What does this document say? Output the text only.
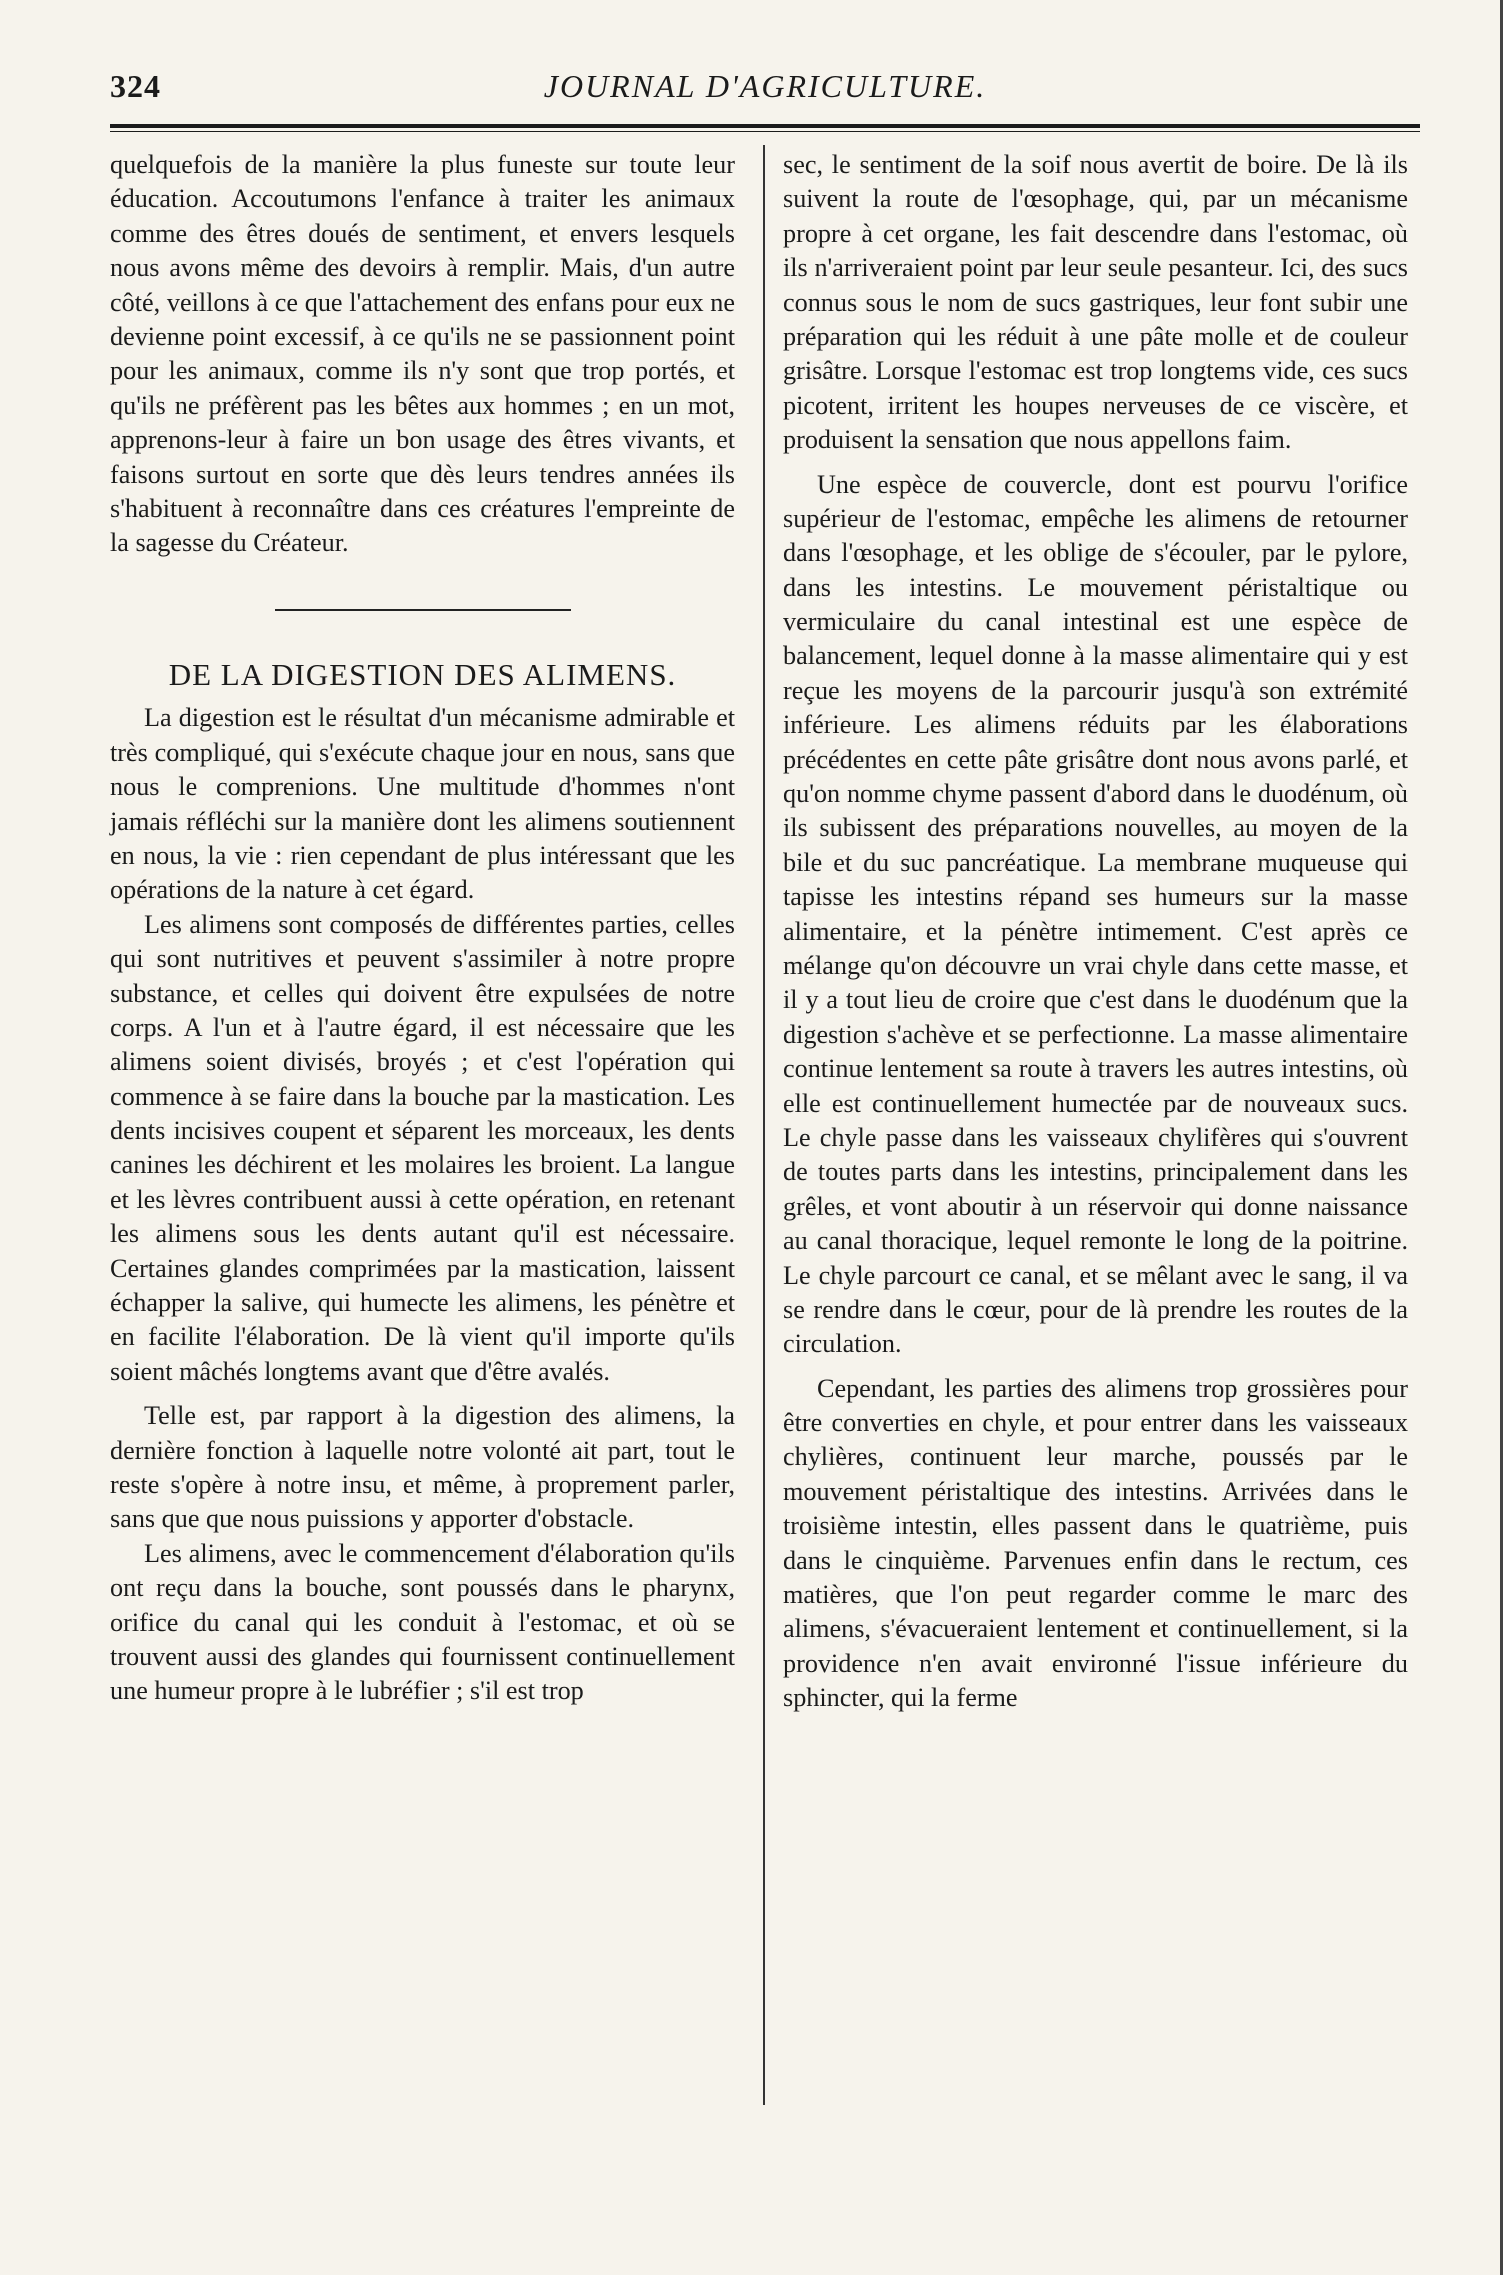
324	JOURNAL D'AGRICULTURE.

quelquefois de la manière la plus funeste sur toute leur éducation. Accoutumons l'enfance à traiter les animaux comme des êtres doués de sentiment, et envers lesquels nous avons même des devoirs à remplir. Mais, d'un autre côté, veillons à ce que l'attachement des enfans pour eux ne devienne point excessif, à ce qu'ils ne se passionnent point pour les animaux, comme ils n'y sont que trop portés, et qu'ils ne préfèrent pas les bêtes aux hommes ; en un mot, apprenons-leur à faire un bon usage des êtres vivants, et faisons surtout en sorte que dès leurs tendres années ils s'habituent à reconnaître dans ces créatures l'empreinte de la sagesse du Créateur.

DE LA DIGESTION DES ALIMENS.

La digestion est le résultat d'un mécanisme admirable et très compliqué, qui s'exécute chaque jour en nous, sans que nous le comprenions. Une multitude d'hommes n'ont jamais réfléchi sur la manière dont les alimens soutiennent en nous, la vie : rien cependant de plus intéressant que les opérations de la nature à cet égard.

Les alimens sont composés de différentes parties, celles qui sont nutritives et peuvent s'assimiler à notre propre substance, et celles qui doivent être expulsées de notre corps. A l'un et à l'autre égard, il est nécessaire que les alimens soient divisés, broyés ; et c'est l'opération qui commence à se faire dans la bouche par la mastication. Les dents incisives coupent et séparent les morceaux, les dents canines les déchirent et les molaires les broient. La langue et les lèvres contribuent aussi à cette opération, en retenant les alimens sous les dents autant qu'il est nécessaire. Certaines glandes comprimées par la mastication, laissent échapper la salive, qui humecte les alimens, les pénètre et en facilite l'élaboration. De là vient qu'il importe qu'ils soient mâchés longtems avant que d'être avalés.

Telle est, par rapport à la digestion des alimens, la dernière fonction à laquelle notre volonté ait part, tout le reste s'opère à notre insu, et même, à proprement parler, sans que que nous puissions y apporter d'obstacle.

Les alimens, avec le commencement d'élaboration qu'ils ont reçu dans la bouche, sont poussés dans le pharynx, orifice du canal qui les conduit à l'estomac, et où se trouvent aussi des glandes qui fournissent continuellement une humeur propre à le lubréfier ; s'il est trop

sec, le sentiment de la soif nous avertit de boire. De là ils suivent la route de l'œsophage, qui, par un mécanisme propre à cet organe, les fait descendre dans l'estomac, où ils n'arriveraient point par leur seule pesanteur. Ici, des sucs connus sous le nom de sucs gastriques, leur font subir une préparation qui les réduit à une pâte molle et de couleur grisâtre. Lorsque l'estomac est trop longtems vide, ces sucs picotent, irritent les houpes nerveuses de ce viscère, et produisent la sensation que nous appellons faim.

Une espèce de couvercle, dont est pourvu l'orifice supérieur de l'estomac, empêche les alimens de retourner dans l'œsophage, et les oblige de s'écouler, par le pylore, dans les intestins. Le mouvement péristaltique ou vermiculaire du canal intestinal est une espèce de balancement, lequel donne à la masse alimentaire qui y est reçue les moyens de la parcourir jusqu'à son extrémité inférieure. Les alimens réduits par les élaborations précédentes en cette pâte grisâtre dont nous avons parlé, et qu'on nomme chyme passent d'abord dans le duodénum, où ils subissent des préparations nouvelles, au moyen de la bile et du suc pancréatique. La membrane muqueuse qui tapisse les intestins répand ses humeurs sur la masse alimentaire, et la pénètre intimement. C'est après ce mélange qu'on découvre un vrai chyle dans cette masse, et il y a tout lieu de croire que c'est dans le duodénum que la digestion s'achève et se perfectionne. La masse alimentaire continue lentement sa route à travers les autres intestins, où elle est continuellement humectée par de nouveaux sucs. Le chyle passe dans les vaisseaux chylifères qui s'ouvrent de toutes parts dans les intestins, principalement dans les grêles, et vont aboutir à un réservoir qui donne naissance au canal thoracique, lequel remonte le long de la poitrine. Le chyle parcourt ce canal, et se mêlant avec le sang, il va se rendre dans le cœur, pour de là prendre les routes de la circulation.

Cependant, les parties des alimens trop grossières pour être converties en chyle, et pour entrer dans les vaisseaux chylières, continuent leur marche, poussés par le mouvement péristaltique des intestins. Arrivées dans le troisième intestin, elles passent dans le quatrième, puis dans le cinquième. Parvenues enfin dans le rectum, ces matières, que l'on peut regarder comme le marc des alimens, s'évacueraient lentement et continuellement, si la providence n'en avait environné l'issue inférieure du sphincter, qui la ferme
